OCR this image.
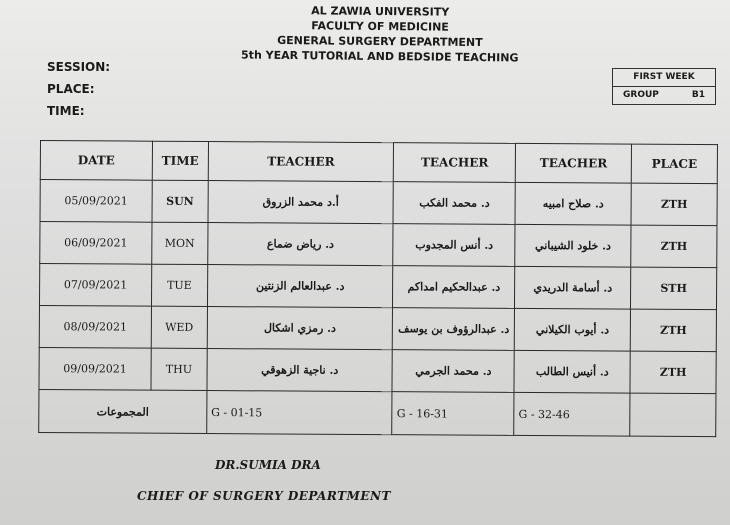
AL ZAWIA UNIVERSITY
FACULTY OF MEDICINE
GENERAL SURGERY DEPARTMENT
5th YEAR TUTORIAL AND BEDSIDE TEACHING
SESSION:
PLACE:
TIME:
FIRST WEEK
GROUP	B1
DATE	TIME	TEACHER	TEACHER	TEACHER	PLACE
05/09/2021	SUN	أ.د محمد الزروق	د. محمد الفكب	د. صلاح امبيه	ZTH
06/09/2021	MON	د. رياض ضماع	د. أنس المجدوب	د. خلود الشيباني	ZTH
07/09/2021	TUE	د. عبدالعالم الزنتين	د. عبدالحكيم امداكم	د. أسامة الدريدي	STH
08/09/2021	WED	د. رمزي اشكال	د. عبدالرؤوف بن يوسف	د. أيوب الكيلاني	ZTH
09/09/2021	THU	د. ناجية الزهوقي	د. محمد الجرمي	د. أنيس الطالب	ZTH
المجموعات		G - 01-15	G - 16-31	G - 32-46	
DR.SUMIA DRA
CHIEF OF SURGERY DEPARTMENT
